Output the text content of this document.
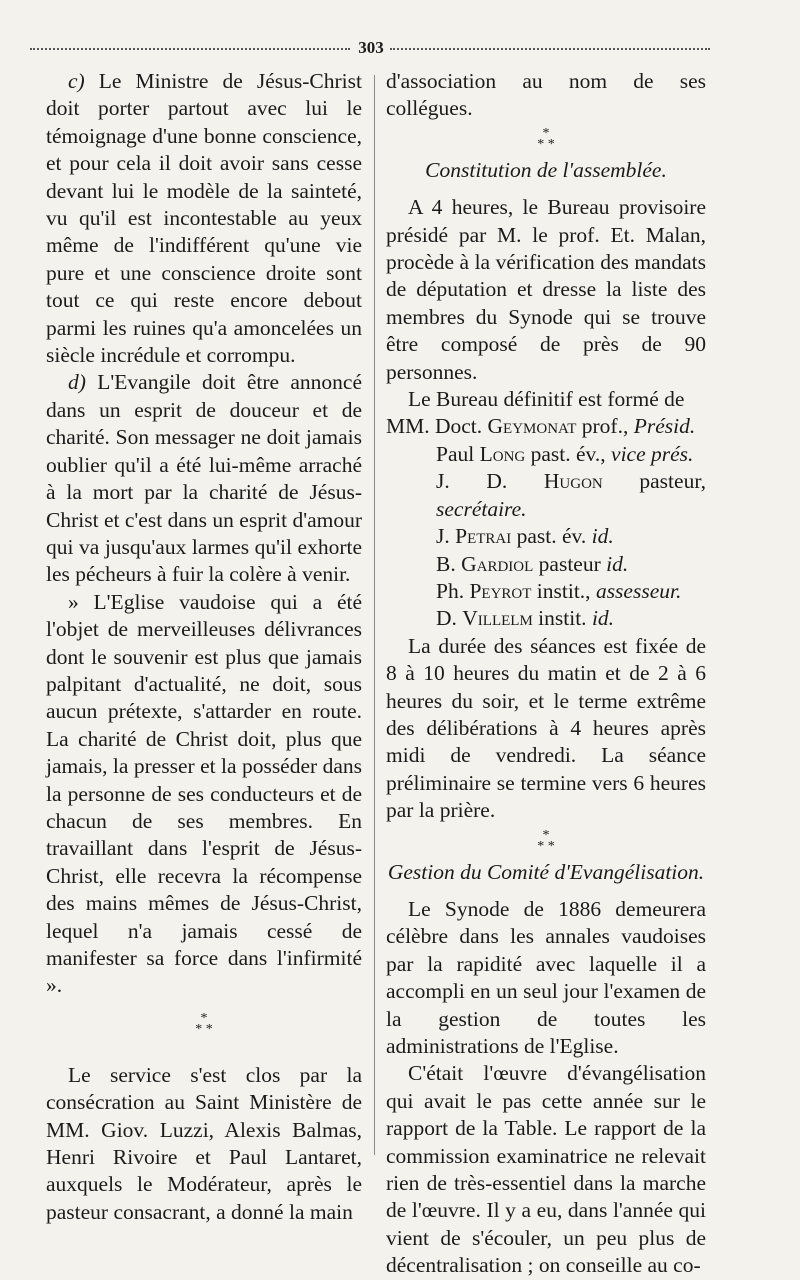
303

c) Le Ministre de Jésus-Christ doit porter partout avec lui le témoignage d'une bonne conscience, et pour cela il doit avoir sans cesse devant lui le modèle de la sainteté, vu qu'il est incontestable au yeux même de l'indifférent qu'une vie pure et une conscience droite sont tout ce qui reste encore debout parmi les ruines qu'a amoncelées un siècle incrédule et corrompu.

d) L'Evangile doit être annoncé dans un esprit de douceur et de charité. Son messager ne doit jamais oublier qu'il a été lui-même arraché à la mort par la charité de Jésus-Christ et c'est dans un esprit d'amour qui va jusqu'aux larmes qu'il exhorte les pécheurs à fuir la colère à venir.

» L'Eglise vaudoise qui a été l'objet de merveilleuses délivrances dont le souvenir est plus que jamais palpitant d'actualité, ne doit, sous aucun prétexte, s'attarder en route. La charité de Christ doit, plus que jamais, la presser et la posséder dans la personne de ses conducteurs et de chacun de ses membres. En travaillant dans l'esprit de Jésus-Christ, elle recevra la récompense des mains mêmes de Jésus-Christ, lequel n'a jamais cessé de manifester sa force dans l'infirmité ».

*
* *

Le service s'est clos par la consécration au Saint Ministère de MM. Giov. Luzzi, Alexis Balmas, Henri Rivoire et Paul Lantaret, auxquels le Modérateur, après le pasteur consacrant, a donné la main

d'association au nom de ses collégues.

*
* *

Constitution de l'assemblée.

A 4 heures, le Bureau provisoire présidé par M. le prof. Et. Malan, procède à la vérification des mandats de députation et dresse la liste des membres du Synode qui se trouve être composé de près de 90 personnes.

Le Bureau définitif est formé de

MM. Doct. Geymonat prof., Présid.

Paul Long past. év., vice prés.

J. D. Hugon pasteur, secrétaire.

J. Petrai past. év. id.

B. Gardiol pasteur id.

Ph. Peyrot instit., assesseur.

D. Villelm instit. id.

La durée des séances est fixée de 8 à 10 heures du matin et de 2 à 6 heures du soir, et le terme extrême des délibérations à 4 heures après midi de vendredi. La séance préliminaire se termine vers 6 heures par la prière.

*
* *

Gestion du Comité d'Evangélisation.

Le Synode de 1886 demeurera célèbre dans les annales vaudoises par la rapidité avec laquelle il a accompli en un seul jour l'examen de la gestion de toutes les administrations de l'Eglise.

C'était l'œuvre d'évangélisation qui avait le pas cette année sur le rapport de la Table. Le rapport de la commission examinatrice ne relevait rien de très-essentiel dans la marche de l'œuvre. Il y a eu, dans l'année qui vient de s'écouler, un peu plus de décentralisation ; on conseille au co-
